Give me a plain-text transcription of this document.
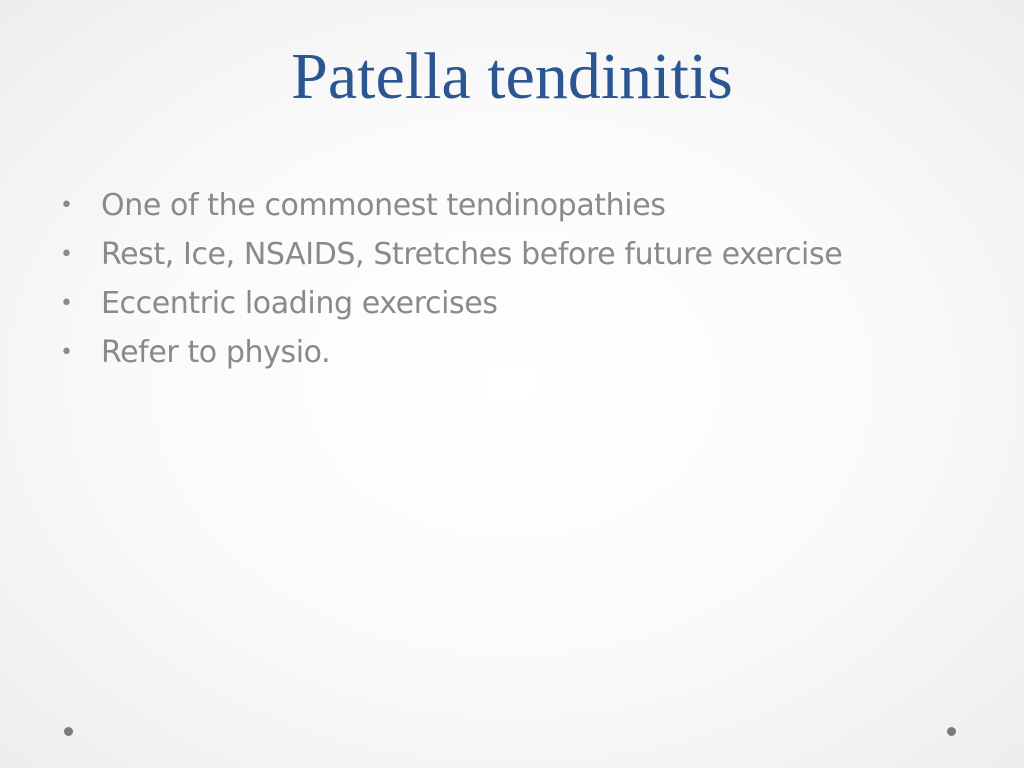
Patella tendinitis
• One of the commonest tendinopathies
• Rest, Ice, NSAIDS, Stretches before future exercise
• Eccentric loading exercises
• Refer to physio.
